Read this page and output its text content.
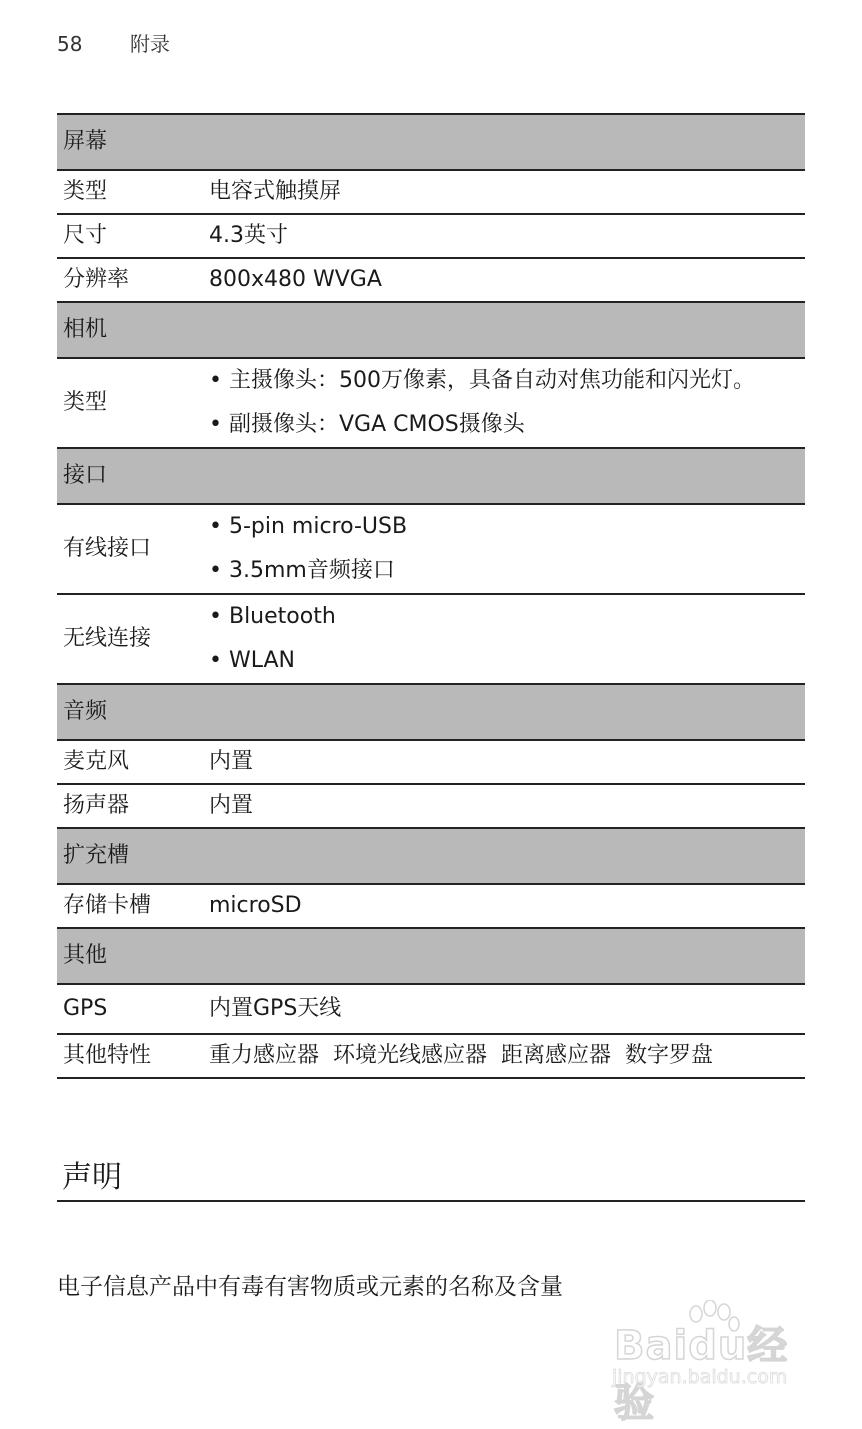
58 附录
屏幕	
类型	电容式触摸屏
尺寸	4.3英寸
分辨率	800x480 WVGA
相机	
类型	• 主摄像头：500万像素，具备自动对焦功能和闪光灯。
• 副摄像头：VGA CMOS摄像头

接口	
有线接口	• 5-pin micro-USB
• 3.5mm音频接口

无线连接	• Bluetooth
• WLAN

音频	
麦克风	内置
扬声器	内置
扩充槽	
存储卡槽	microSD
其他	
GPS	内置GPS天线
其他特性	重力感应器  环境光线感应器  距离感应器  数字罗盘
声明

电子信息产品中有毒有害物质或元素的名称及含量

Baidu经验
jingyan.baidu.com
